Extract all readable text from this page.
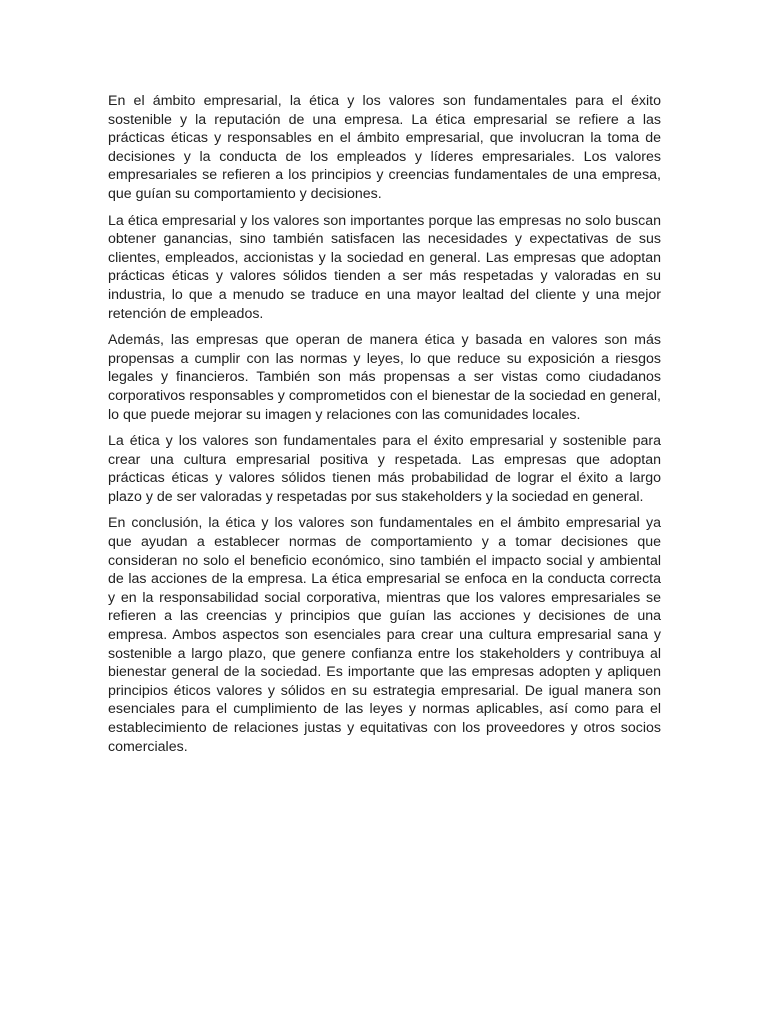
En el ámbito empresarial, la ética y los valores son fundamentales para el éxito sostenible y la reputación de una empresa. La ética empresarial se refiere a las prácticas éticas y responsables en el ámbito empresarial, que involucran la toma de decisiones y la conducta de los empleados y líderes empresariales. Los valores empresariales se refieren a los principios y creencias fundamentales de una empresa, que guían su comportamiento y decisiones.

La ética empresarial y los valores son importantes porque las empresas no solo buscan obtener ganancias, sino también satisfacen las necesidades y expectativas de sus clientes, empleados, accionistas y la sociedad en general. Las empresas que adoptan prácticas éticas y valores sólidos tienden a ser más respetadas y valoradas en su industria, lo que a menudo se traduce en una mayor lealtad del cliente y una mejor retención de empleados.

Además, las empresas que operan de manera ética y basada en valores son más propensas a cumplir con las normas y leyes, lo que reduce su exposición a riesgos legales y financieros. También son más propensas a ser vistas como ciudadanos corporativos responsables y comprometidos con el bienestar de la sociedad en general, lo que puede mejorar su imagen y relaciones con las comunidades locales.

La ética y los valores son fundamentales para el éxito empresarial y sostenible para crear una cultura empresarial positiva y respetada. Las empresas que adoptan prácticas éticas y valores sólidos tienen más probabilidad de lograr el éxito a largo plazo y de ser valoradas y respetadas por sus stakeholders y la sociedad en general.

En conclusión, la ética y los valores son fundamentales en el ámbito empresarial ya que ayudan a establecer normas de comportamiento y a tomar decisiones que consideran no solo el beneficio económico, sino también el impacto social y ambiental de las acciones de la empresa. La ética empresarial se enfoca en la conducta correcta y en la responsabilidad social corporativa, mientras que los valores empresariales se refieren a las creencias y principios que guían las acciones y decisiones de una empresa. Ambos aspectos son esenciales para crear una cultura empresarial sana y sostenible a largo plazo, que genere confianza entre los stakeholders y contribuya al bienestar general de la sociedad. Es importante que las empresas adopten y apliquen principios éticos valores y sólidos en su estrategia empresarial. De igual manera son esenciales para el cumplimiento de las leyes y normas aplicables, así como para el establecimiento de relaciones justas y equitativas con los proveedores y otros socios comerciales.
